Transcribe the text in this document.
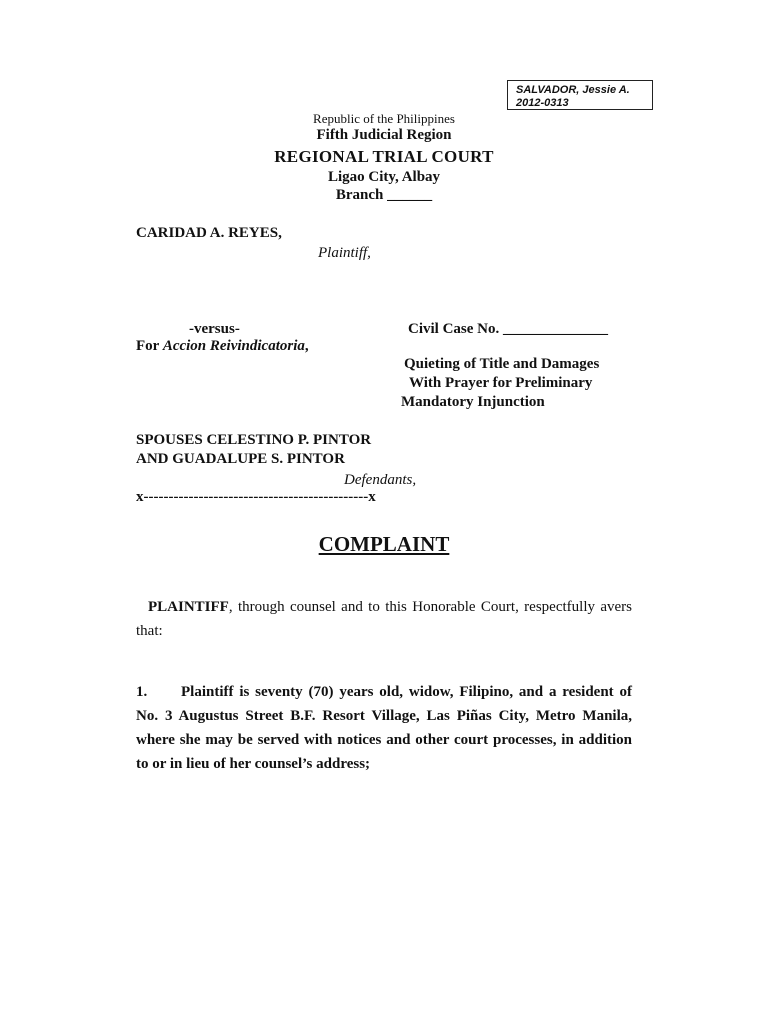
SALVADOR, Jessie A.
2012-0313
Republic of the Philippines
Fifth Judicial Region
REGIONAL TRIAL COURT
Ligao City, Albay
Branch ______
CARIDAD A. REYES,
Plaintiff,
-versus-	Civil Case No. ______________
For Accion Reivindicatoria,
Quieting of Title and Damages
With Prayer for Preliminary
Mandatory Injunction
SPOUSES CELESTINO P. PINTOR
AND GUADALUPE S. PINTOR
Defendants,
x---------------------------------------------x
COMPLAINT
PLAINTIFF, through counsel and to this Honorable Court, respectfully avers that:
1. Plaintiff is seventy (70) years old, widow, Filipino, and a resident of No. 3 Augustus Street B.F. Resort Village, Las Piñas City, Metro Manila, where she may be served with notices and other court processes, in addition to or in lieu of her counsel’s address;
